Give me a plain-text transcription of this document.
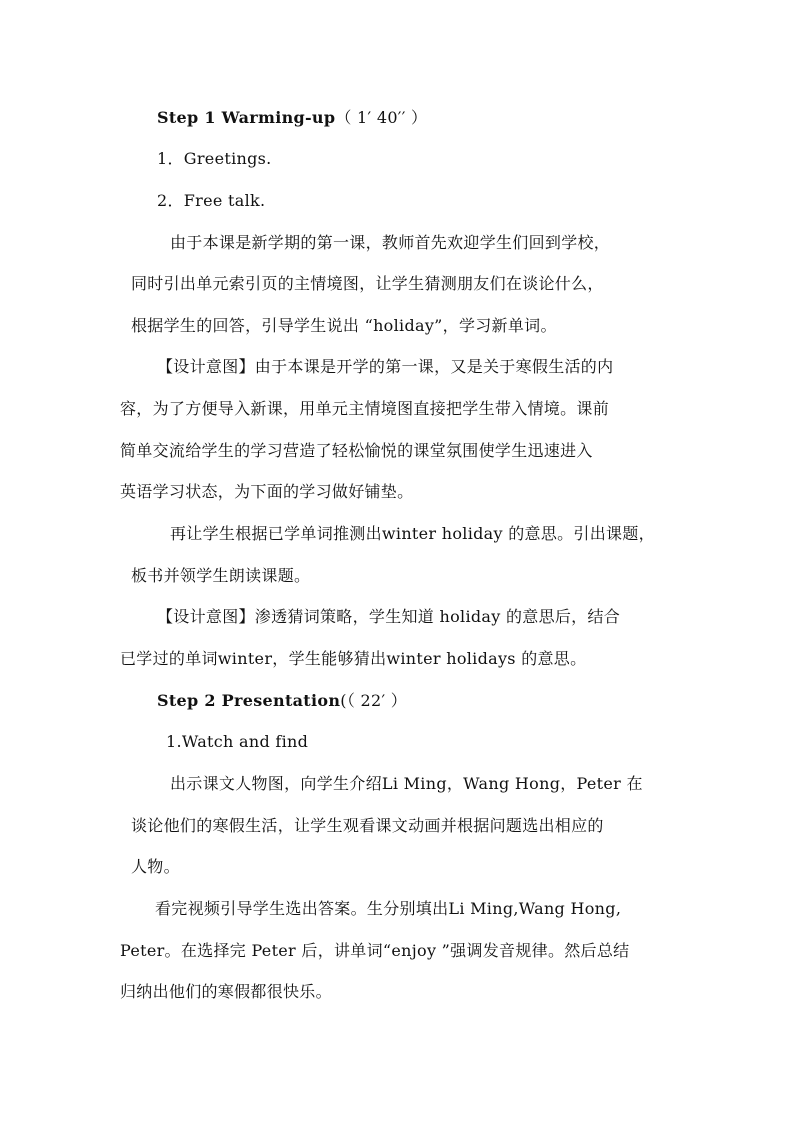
Step 1 Warming-up（ 1′ 40′′ ）
1．Greetings.
2．Free talk.
由于本课是新学期的第一课，教师首先欢迎学生们回到学校，
同时引出单元索引页的主情境图，让学生猜测朋友们在谈论什么，
根据学生的回答，引导学生说出 “holiday”，学习新单词。
【设计意图】由于本课是开学的第一课，又是关于寒假生活的内
容，为了方便导入新课，用单元主情境图直接把学生带入情境。课前
简单交流给学生的学习营造了轻松愉悦的课堂氛围使学生迅速进入
英语学习状态，为下面的学习做好铺垫。
再让学生根据已学单词推测出winter holiday 的意思。引出课题，
板书并领学生朗读课题。
【设计意图】渗透猜词策略，学生知道 holiday 的意思后，结合
已学过的单词winter，学生能够猜出winter holidays 的意思。
Step 2 Presentation(（ 22′ ）
1.Watch and find
出示课文人物图，向学生介绍Li Ming，Wang Hong，Peter 在
谈论他们的寒假生活，让学生观看课文动画并根据问题选出相应的
人物。
看完视频引导学生选出答案。生分别填出Li Ming,Wang Hong,
Peter。在选择完 Peter 后，讲单词“enjoy ”强调发音规律。然后总结
归纳出他们的寒假都很快乐。
